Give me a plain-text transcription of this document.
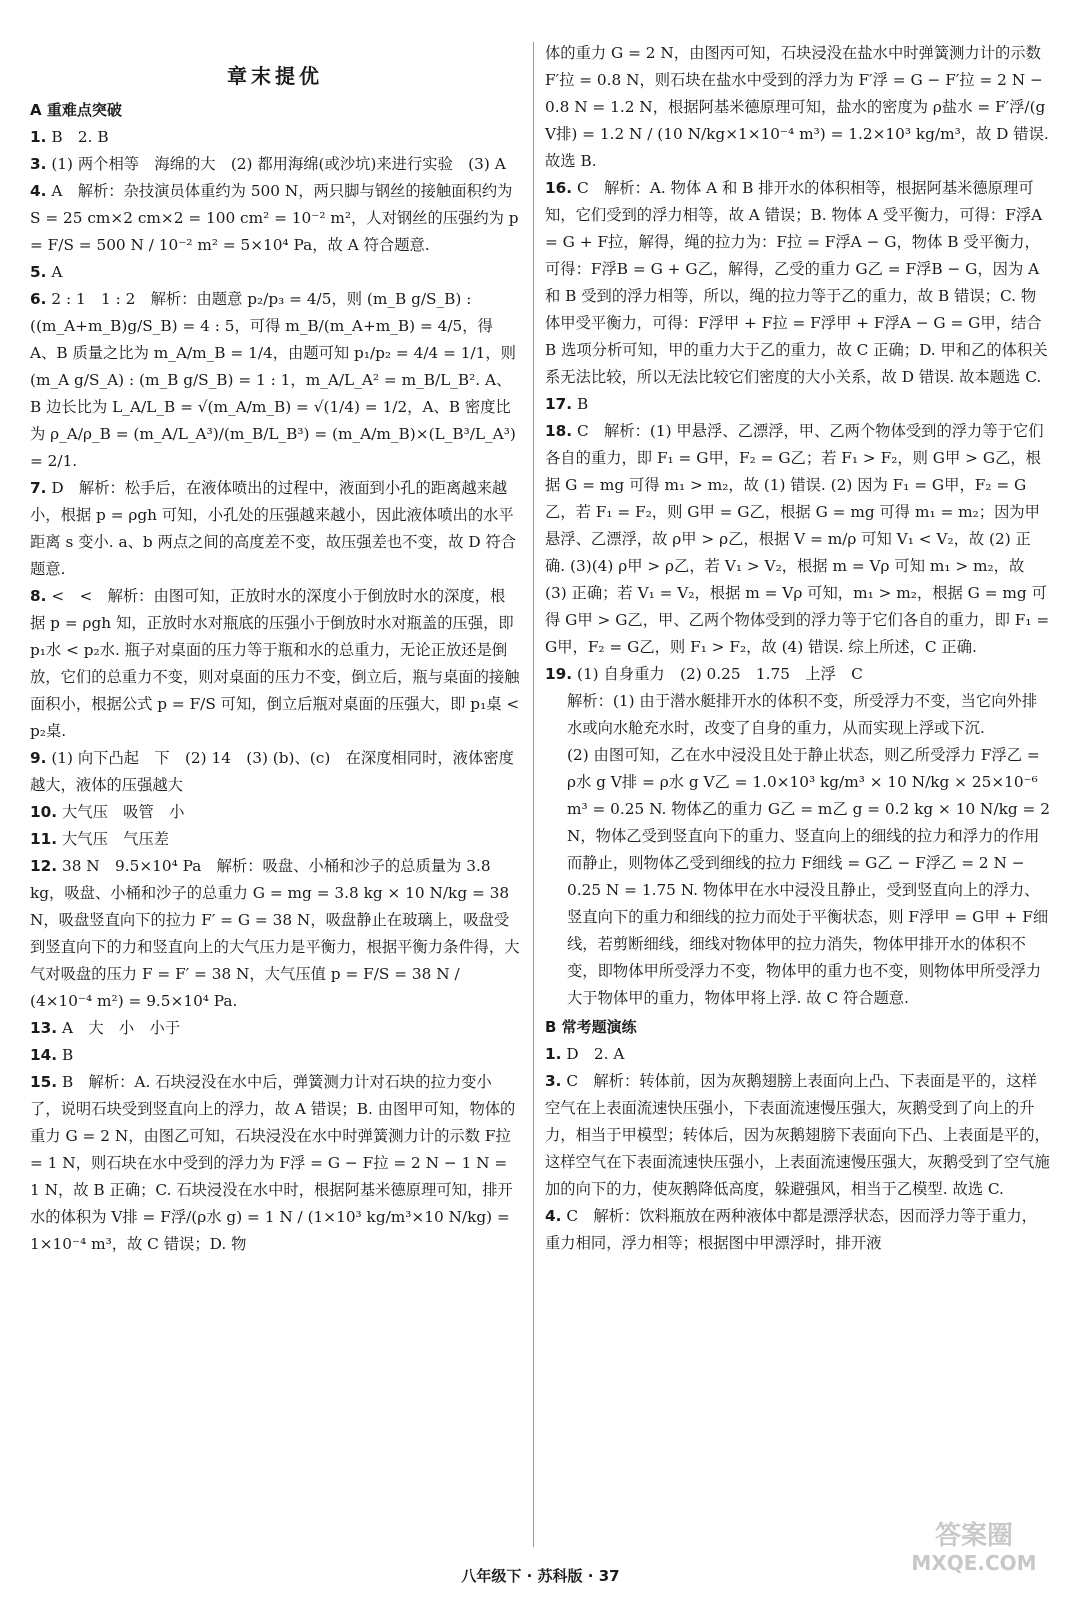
章末提优
A 重难点突破

1. B　2. B

3. (1) 两个相等　海绵的大　(2) 都用海绵(或沙坑)来进行实验　(3) A

4. A　解析：杂技演员体重约为 500 N，两只脚与钢丝的接触面积约为 S = 25 cm×2 cm×2 = 100 cm² = 10⁻² m²，人对钢丝的压强约为 p = F/S = 500 N / 10⁻² m² = 5×10⁴ Pa，故 A 符合题意.

5. A

6. 2 : 1　1 : 2　解析：由题意 p₂/p₃ = 4/5，则 (m_B g/S_B) : ((m_A+m_B)g/S_B) = 4 : 5，可得 m_B/(m_A+m_B) = 4/5，得 A、B 质量之比为 m_A/m_B = 1/4，由题可知 p₁/p₂ = 4/4 = 1/1，则 (m_A g/S_A) : (m_B g/S_B) = 1 : 1，m_A/L_A² = m_B/L_B². A、B 边长比为 L_A/L_B = √(m_A/m_B) = √(1/4) = 1/2，A、B 密度比为 ρ_A/ρ_B = (m_A/L_A³)/(m_B/L_B³) = (m_A/m_B)×(L_B³/L_A³) = 2/1.

7. D　解析：松手后，在液体喷出的过程中，液面到小孔的距离越来越小，根据 p = ρgh 可知，小孔处的压强越来越小，因此液体喷出的水平距离 s 变小. a、b 两点之间的高度差不变，故压强差也不变，故 D 符合题意.

8. <　<　解析：由图可知，正放时水的深度小于倒放时水的深度，根据 p = ρgh 知，正放时水对瓶底的压强小于倒放时水对瓶盖的压强，即 p₁水 < p₂水. 瓶子对桌面的压力等于瓶和水的总重力，无论正放还是倒放，它们的总重力不变，则对桌面的压力不变，倒立后，瓶与桌面的接触面积小，根据公式 p = F/S 可知，倒立后瓶对桌面的压强大，即 p₁桌 < p₂桌.

9. (1) 向下凸起　下　(2) 14　(3) (b)、(c)　在深度相同时，液体密度越大，液体的压强越大

10. 大气压　吸管　小

11. 大气压　气压差

12. 38 N　9.5×10⁴ Pa　解析：吸盘、小桶和沙子的总质量为 3.8 kg，吸盘、小桶和沙子的总重力 G = mg = 3.8 kg × 10 N/kg = 38 N，吸盘竖直向下的拉力 F′ = G = 38 N，吸盘静止在玻璃上，吸盘受到竖直向下的力和竖直向上的大气压力是平衡力，根据平衡力条件得，大气对吸盘的压力 F = F′ = 38 N，大气压值 p = F/S = 38 N / (4×10⁻⁴ m²) = 9.5×10⁴ Pa.

13. A　大　小　小于

14. B

15. B　解析：A. 石块浸没在水中后，弹簧测力计对石块的拉力变小了，说明石块受到竖直向上的浮力，故 A 错误；B. 由图甲可知，物体的重力 G = 2 N，由图乙可知，石块浸没在水中时弹簧测力计的示数 F拉 = 1 N，则石块在水中受到的浮力为 F浮 = G − F拉 = 2 N − 1 N = 1 N，故 B 正确；C. 石块浸没在水中时，根据阿基米德原理可知，排开水的体积为 V排 = F浮/(ρ水 g) = 1 N / (1×10³ kg/m³×10 N/kg) = 1×10⁻⁴ m³，故 C 错误；D. 物

体的重力 G = 2 N，由图丙可知，石块浸没在盐水中时弹簧测力计的示数 F′拉 = 0.8 N，则石块在盐水中受到的浮力为 F′浮 = G − F′拉 = 2 N − 0.8 N = 1.2 N，根据阿基米德原理可知，盐水的密度为 ρ盐水 = F′浮/(g V排) = 1.2 N / (10 N/kg×1×10⁻⁴ m³) = 1.2×10³ kg/m³，故 D 错误. 故选 B.

16. C　解析：A. 物体 A 和 B 排开水的体积相等，根据阿基米德原理可知，它们受到的浮力相等，故 A 错误；B. 物体 A 受平衡力，可得：F浮A = G + F拉，解得，绳的拉力为：F拉 = F浮A − G，物体 B 受平衡力，可得：F浮B = G + G乙，解得，乙受的重力 G乙 = F浮B − G，因为 A 和 B 受到的浮力相等，所以，绳的拉力等于乙的重力，故 B 错误；C. 物体甲受平衡力，可得：F浮甲 + F拉 = F浮甲 + F浮A − G = G甲，结合 B 选项分析可知，甲的重力大于乙的重力，故 C 正确；D. 甲和乙的体积关系无法比较，所以无法比较它们密度的大小关系，故 D 错误. 故本题选 C.

17. B

18. C　解析：(1) 甲悬浮、乙漂浮，甲、乙两个物体受到的浮力等于它们各自的重力，即 F₁ = G甲，F₂ = G乙；若 F₁ > F₂，则 G甲 > G乙，根据 G = mg 可得 m₁ > m₂，故 (1) 错误. (2) 因为 F₁ = G甲，F₂ = G乙，若 F₁ = F₂，则 G甲 = G乙，根据 G = mg 可得 m₁ = m₂；因为甲悬浮、乙漂浮，故 ρ甲 > ρ乙，根据 V = m/ρ 可知 V₁ < V₂，故 (2) 正确. (3)(4) ρ甲 > ρ乙，若 V₁ > V₂，根据 m = Vρ 可知 m₁ > m₂，故 (3) 正确；若 V₁ = V₂，根据 m = Vρ 可知，m₁ > m₂，根据 G = mg 可得 G甲 > G乙，甲、乙两个物体受到的浮力等于它们各自的重力，即 F₁ = G甲，F₂ = G乙，则 F₁ > F₂，故 (4) 错误. 综上所述，C 正确.

19. (1) 自身重力　(2) 0.25　1.75　上浮　C

解析：(1) 由于潜水艇排开水的体积不变，所受浮力不变，当它向外排水或向水舱充水时，改变了自身的重力，从而实现上浮或下沉.

(2) 由图可知，乙在水中浸没且处于静止状态，则乙所受浮力 F浮乙 = ρ水 g V排 = ρ水 g V乙 = 1.0×10³ kg/m³ × 10 N/kg × 25×10⁻⁶ m³ = 0.25 N. 物体乙的重力 G乙 = m乙 g = 0.2 kg × 10 N/kg = 2 N，物体乙受到竖直向下的重力、竖直向上的细线的拉力和浮力的作用而静止，则物体乙受到细线的拉力 F细线 = G乙 − F浮乙 = 2 N − 0.25 N = 1.75 N. 物体甲在水中浸没且静止，受到竖直向上的浮力、竖直向下的重力和细线的拉力而处于平衡状态，则 F浮甲 = G甲 + F细线，若剪断细线，细线对物体甲的拉力消失，物体甲排开水的体积不变，即物体甲所受浮力不变，物体甲的重力也不变，则物体甲所受浮力大于物体甲的重力，物体甲将上浮. 故 C 符合题意.

B 常考题演练

1. D　2. A

3. C　解析：转体前，因为灰鹅翅膀上表面向上凸、下表面是平的，这样空气在上表面流速快压强小，下表面流速慢压强大，灰鹅受到了向上的升力，相当于甲模型；转体后，因为灰鹅翅膀下表面向下凸、上表面是平的，这样空气在下表面流速快压强小，上表面流速慢压强大，灰鹅受到了空气施加的向下的力，使灰鹅降低高度，躲避强风，相当于乙模型. 故选 C.

4. C　解析：饮料瓶放在两种液体中都是漂浮状态，因而浮力等于重力，重力相同，浮力相等；根据图中甲漂浮时，排开液

八年级下 · 苏科版 · 37
答案圈
MXQE.COM
